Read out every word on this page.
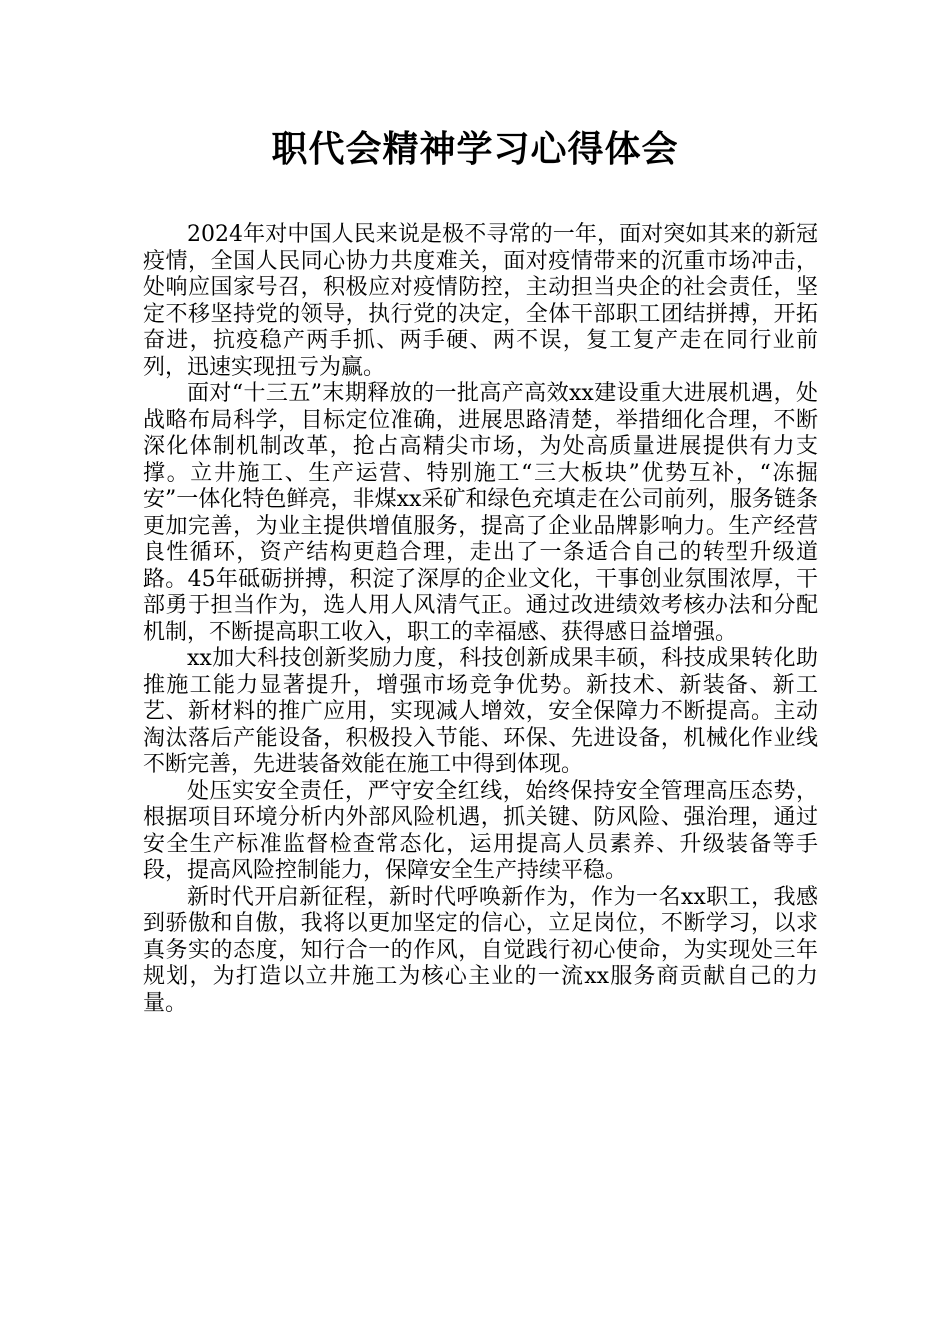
职代会精神学习心得体会

2024年对中国人民来说是极不寻常的一年，面对突如其来的新冠疫情，全国人民同心协力共度难关，面对疫情带来的沉重市场冲击，处响应国家号召，积极应对疫情防控，主动担当央企的社会责任，坚定不移坚持党的领导，执行党的决定，全体干部职工团结拼搏，开拓奋进，抗疫稳产两手抓、两手硬、两不误，复工复产走在同行业前列，迅速实现扭亏为赢。

面对“十三五”末期释放的一批高产高效xx建设重大进展机遇，处战略布局科学，目标定位准确，进展思路清楚，举措细化合理，不断深化体制机制改革，抢占高精尖市场，为处高质量进展提供有力支撑。立井施工、生产运营、特别施工“三大板块”优势互补，“冻掘安”一体化特色鲜亮，非煤xx采矿和绿色充填走在公司前列，服务链条更加完善，为业主提供增值服务，提高了企业品牌影响力。生产经营良性循环，资产结构更趋合理，走出了一条适合自己的转型升级道路。45年砥砺拼搏，积淀了深厚的企业文化，干事创业氛围浓厚，干部勇于担当作为，选人用人风清气正。通过改进绩效考核办法和分配机制，不断提高职工收入，职工的幸福感、获得感日益增强。

xx加大科技创新奖励力度，科技创新成果丰硕，科技成果转化助推施工能力显著提升，增强市场竞争优势。新技术、新装备、新工艺、新材料的推广应用，实现减人增效，安全保障力不断提高。主动淘汰落后产能设备，积极投入节能、环保、先进设备，机械化作业线不断完善，先进装备效能在施工中得到体现。

处压实安全责任，严守安全红线，始终保持安全管理高压态势，根据项目环境分析内外部风险机遇，抓关键、防风险、强治理，通过安全生产标准监督检查常态化，运用提高人员素养、升级装备等手段，提高风险控制能力，保障安全生产持续平稳。

新时代开启新征程，新时代呼唤新作为，作为一名xx职工，我感到骄傲和自傲，我将以更加坚定的信心，立足岗位，不断学习，以求真务实的态度，知行合一的作风，自觉践行初心使命，为实现处三年规划，为打造以立井施工为核心主业的一流xx服务商贡献自己的力量。
